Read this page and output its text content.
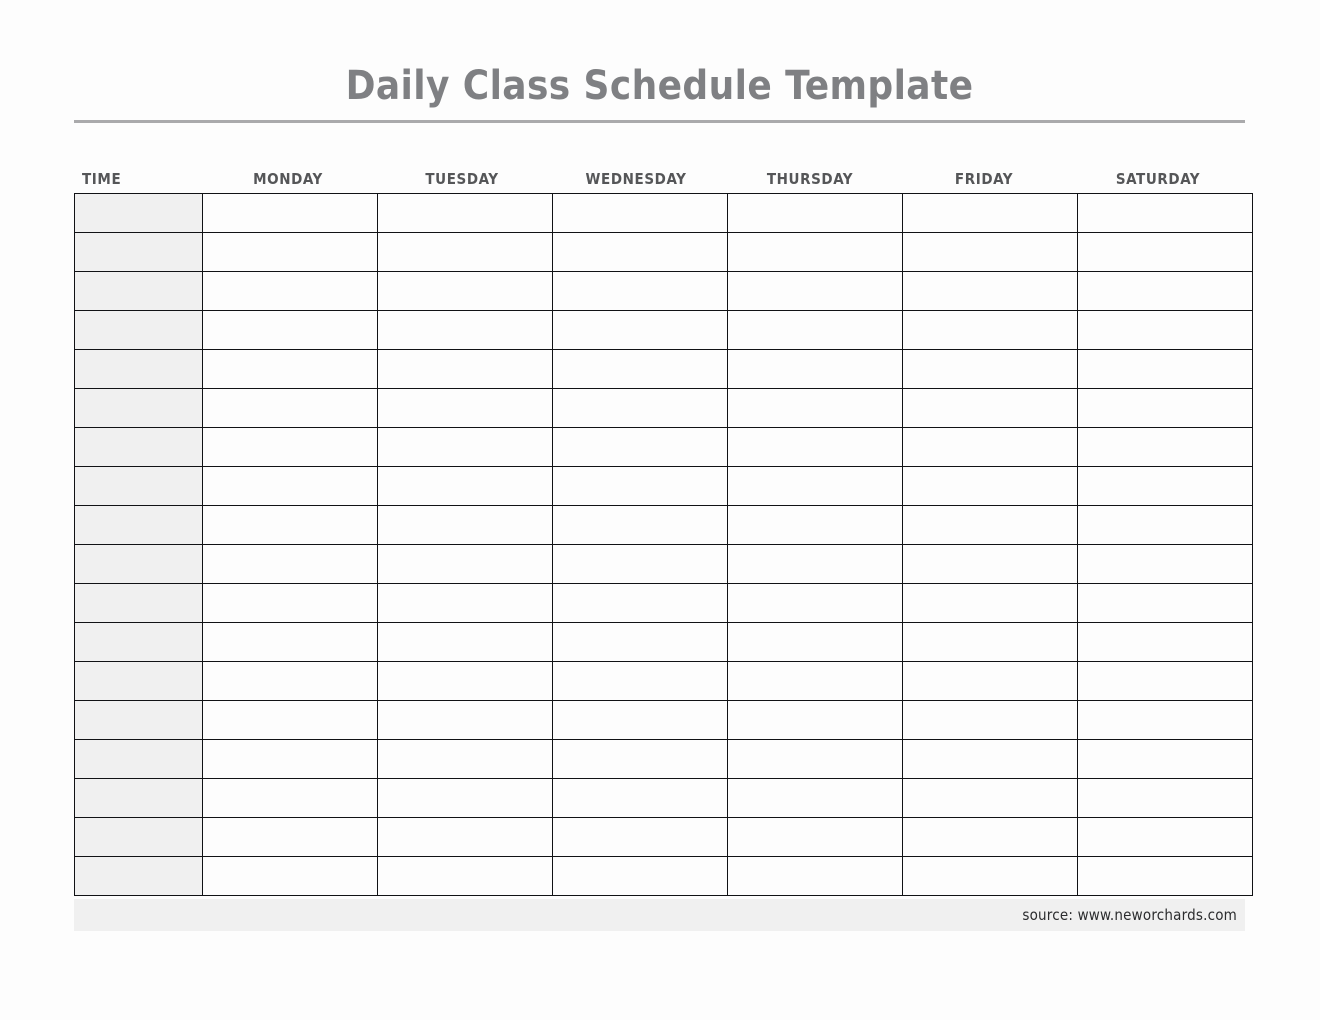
Daily Class Schedule Template
TIME	MONDAY	TUESDAY	WEDNESDAY	THURSDAY	FRIDAY	SATURDAY

source: www.neworchards.com
